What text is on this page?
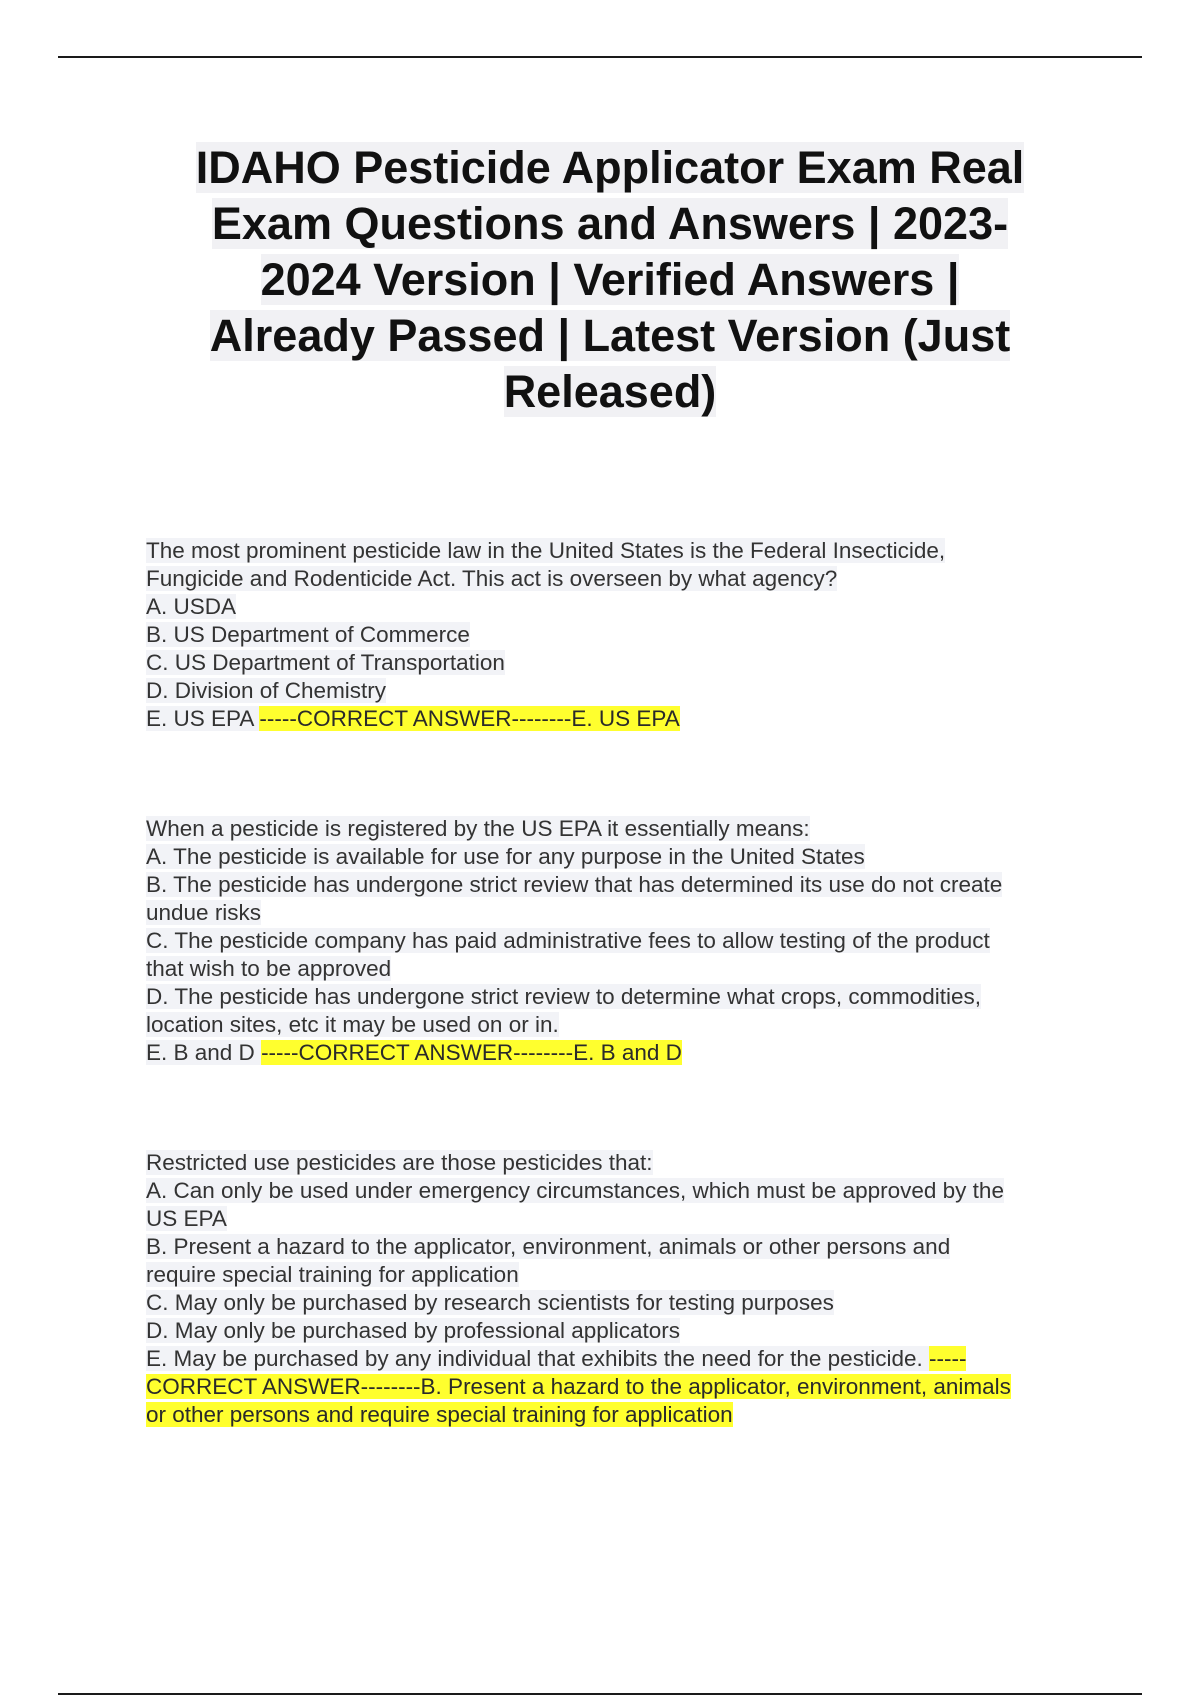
IDAHO Pesticide Applicator Exam Real
Exam Questions and Answers | 2023-
2024 Version | Verified Answers |
Already Passed | Latest Version (Just
Released)
The most prominent pesticide law in the United States is the Federal Insecticide,
Fungicide and Rodenticide Act. This act is overseen by what agency?
A. USDA
B. US Department of Commerce
C. US Department of Transportation
D. Division of Chemistry
E. US EPA -----CORRECT ANSWER--------E. US EPA
When a pesticide is registered by the US EPA it essentially means:
A. The pesticide is available for use for any purpose in the United States
B. The pesticide has undergone strict review that has determined its use do not create
undue risks
C. The pesticide company has paid administrative fees to allow testing of the product
that wish to be approved
D. The pesticide has undergone strict review to determine what crops, commodities,
location sites, etc it may be used on or in.
E. B and D -----CORRECT ANSWER--------E. B and D
Restricted use pesticides are those pesticides that:
A. Can only be used under emergency circumstances, which must be approved by the
US EPA
B. Present a hazard to the applicator, environment, animals or other persons and
require special training for application
C. May only be purchased by research scientists for testing purposes
D. May only be purchased by professional applicators
E. May be purchased by any individual that exhibits the need for the pesticide. -----
CORRECT ANSWER--------B. Present a hazard to the applicator, environment, animals
or other persons and require special training for application
